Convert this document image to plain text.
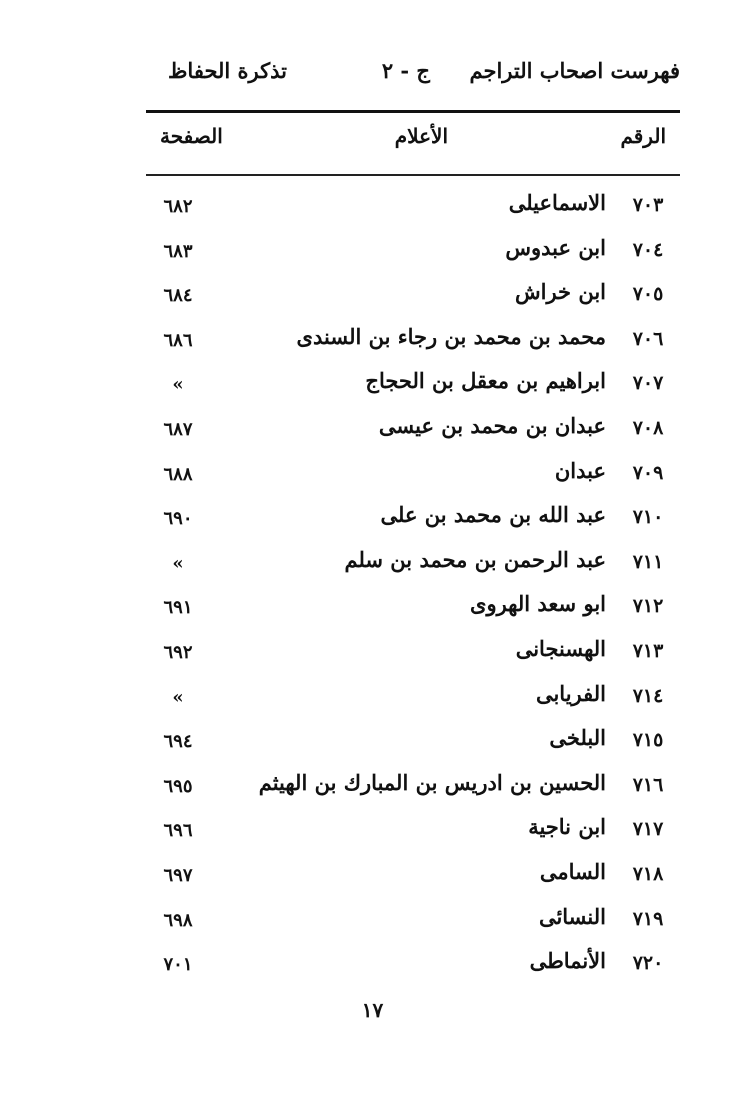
فهرست اصحاب التراجم
ج - ٢
تذكرة الحفاظ
الرقم
الأعلام
الصفحة
٧٠٣
الاسماعيلى
٦٨٢
٧٠٤
ابن عبدوس
٦٨٣
٧٠٥
ابن خراش
٦٨٤
٧٠٦
محمد بن محمد بن رجاء بن السندى
٦٨٦
٧٠٧
ابراهيم بن معقل بن الحجاج
»
٧٠٨
عبدان بن محمد بن عيسى
٦٨٧
٧٠٩
عبدان
٦٨٨
٧١٠
عبد الله بن محمد بن على
٦٩٠
٧١١
عبد الرحمن بن محمد بن سلم
»
٧١٢
ابو سعد الهروى
٦٩١
٧١٣
الهسنجانى
٦٩٢
٧١٤
الفريابى
»
٧١٥
البلخى
٦٩٤
٧١٦
الحسين بن ادريس بن المبارك بن الهيثم
٦٩٥
٧١٧
ابن ناجية
٦٩٦
٧١٨
السامى
٦٩٧
٧١٩
النسائى
٦٩٨
٧٢٠
الأنماطى
٧٠١
١٧
